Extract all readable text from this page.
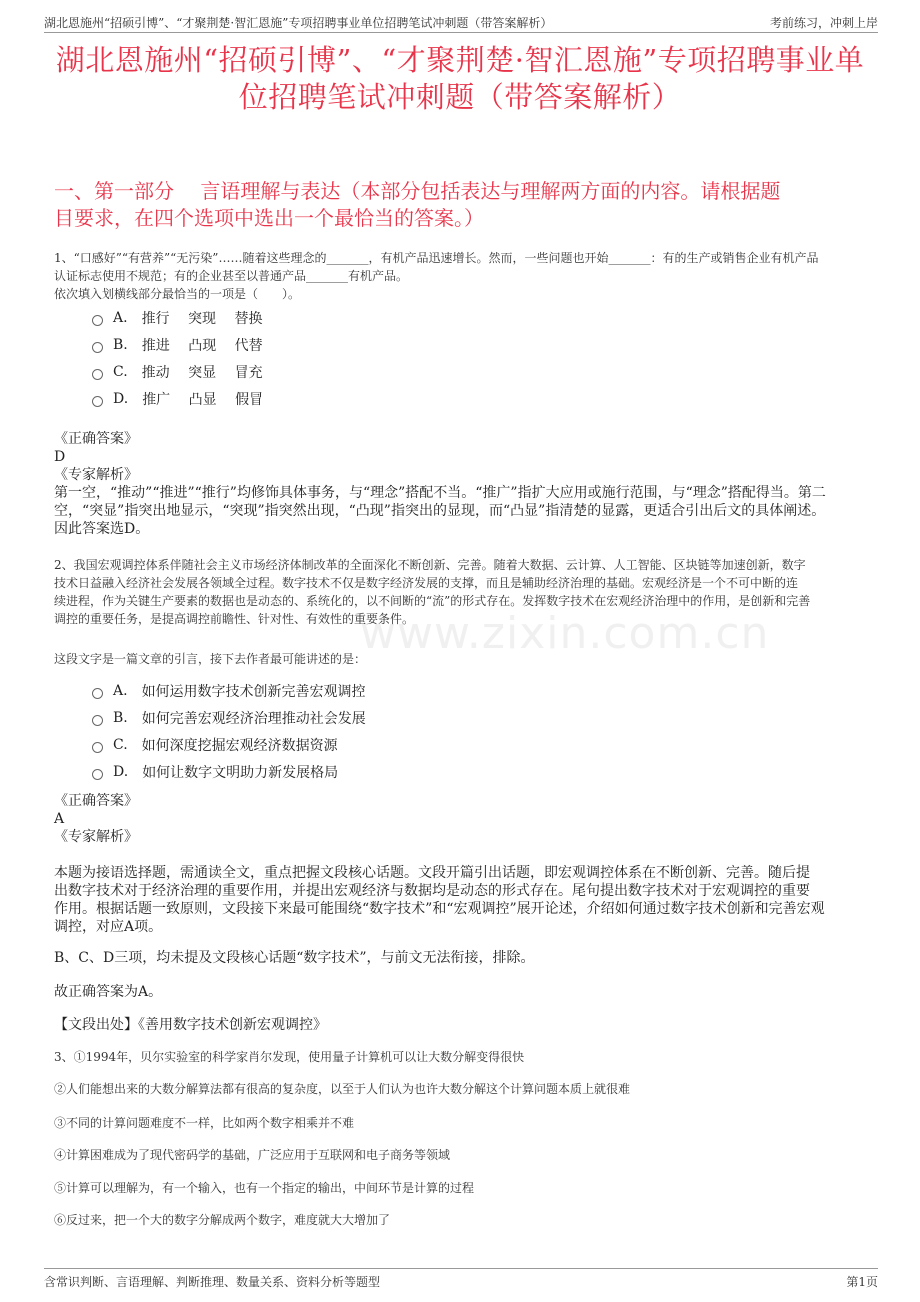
湖北恩施州“招硕引博”、“才聚荆楚·智汇恩施”专项招聘事业单位招聘笔试冲刺题（带答案解析）	考前练习，冲刺上岸
湖北恩施州“招硕引博”、“才聚荆楚·智汇恩施”专项招聘事业单
位招聘笔试冲刺题（带答案解析）
一、第一部分　 言语理解与表达（本部分包括表达与理解两方面的内容。请根据题
目要求，在四个选项中选出一个最恰当的答案。）
1、“口感好”“有营养”“无污染”……随着这些理念的_______，有机产品迅速增长。然而，一些问题也开始_______：有的生产或销售企业有机产品
认证标志使用不规范；有的企业甚至以普通产品_______有机产品。
依次填入划横线部分最恰当的一项是（　　）。
A. 推行　 突现　 替换
B. 推进　 凸现　 代替
C. 推动　 突显　 冒充
D. 推广　 凸显　 假冒
《正确答案》
D
《专家解析》
第一空，“推动”“推进”“推行”均修饰具体事务，与“理念”搭配不当。“推广”指扩大应用或施行范围，与“理念”搭配得当。第二
空，“突显”指突出地显示，“突现”指突然出现，“凸现”指突出的显现，而“凸显”指清楚的显露，更适合引出后文的具体阐述。
因此答案选D。
2、我国宏观调控体系伴随社会主义市场经济体制改革的全面深化不断创新、完善。随着大数据、云计算、人工智能、区块链等加速创新，数字
技术日益融入经济社会发展各领域全过程。数字技术不仅是数字经济发展的支撑，而且是辅助经济治理的基础。宏观经济是一个不可中断的连
续进程，作为关键生产要素的数据也是动态的、系统化的，以不间断的“流”的形式存在。发挥数字技术在宏观经济治理中的作用，是创新和完善
调控的重要任务，是提高调控前瞻性、针对性、有效性的重要条件。
这段文字是一篇文章的引言，接下去作者最可能讲述的是：
A. 如何运用数字技术创新完善宏观调控
B. 如何完善宏观经济治理推动社会发展
C. 如何深度挖掘宏观经济数据资源
D. 如何让数字文明助力新发展格局
《正确答案》
A
《专家解析》
本题为接语选择题，需通读全文，重点把握文段核心话题。文段开篇引出话题，即宏观调控体系在不断创新、完善。随后提
出数字技术对于经济治理的重要作用，并提出宏观经济与数据均是动态的形式存在。尾句提出数字技术对于宏观调控的重要
作用。根据话题一致原则，文段接下来最可能围绕“数字技术”和“宏观调控”展开论述，介绍如何通过数字技术创新和完善宏观
调控，对应A项。
B、C、D三项，均未提及文段核心话题“数字技术”，与前文无法衔接，排除。
故正确答案为A。
【文段出处】《善用数字技术创新宏观调控》
3、①1994年，贝尔实验室的科学家肖尔发现，使用量子计算机可以让大数分解变得很快
②人们能想出来的大数分解算法都有很高的复杂度，以至于人们认为也许大数分解这个计算问题本质上就很难
③不同的计算问题难度不一样，比如两个数字相乘并不难
④计算困难成为了现代密码学的基础，广泛应用于互联网和电子商务等领域
⑤计算可以理解为，有一个输入，也有一个指定的输出，中间环节是计算的过程
⑥反过来，把一个大的数字分解成两个数字，难度就大大增加了
www.zixin.com.cn
含常识判断、言语理解、判断推理、数量关系、资料分析等题型	第1页
